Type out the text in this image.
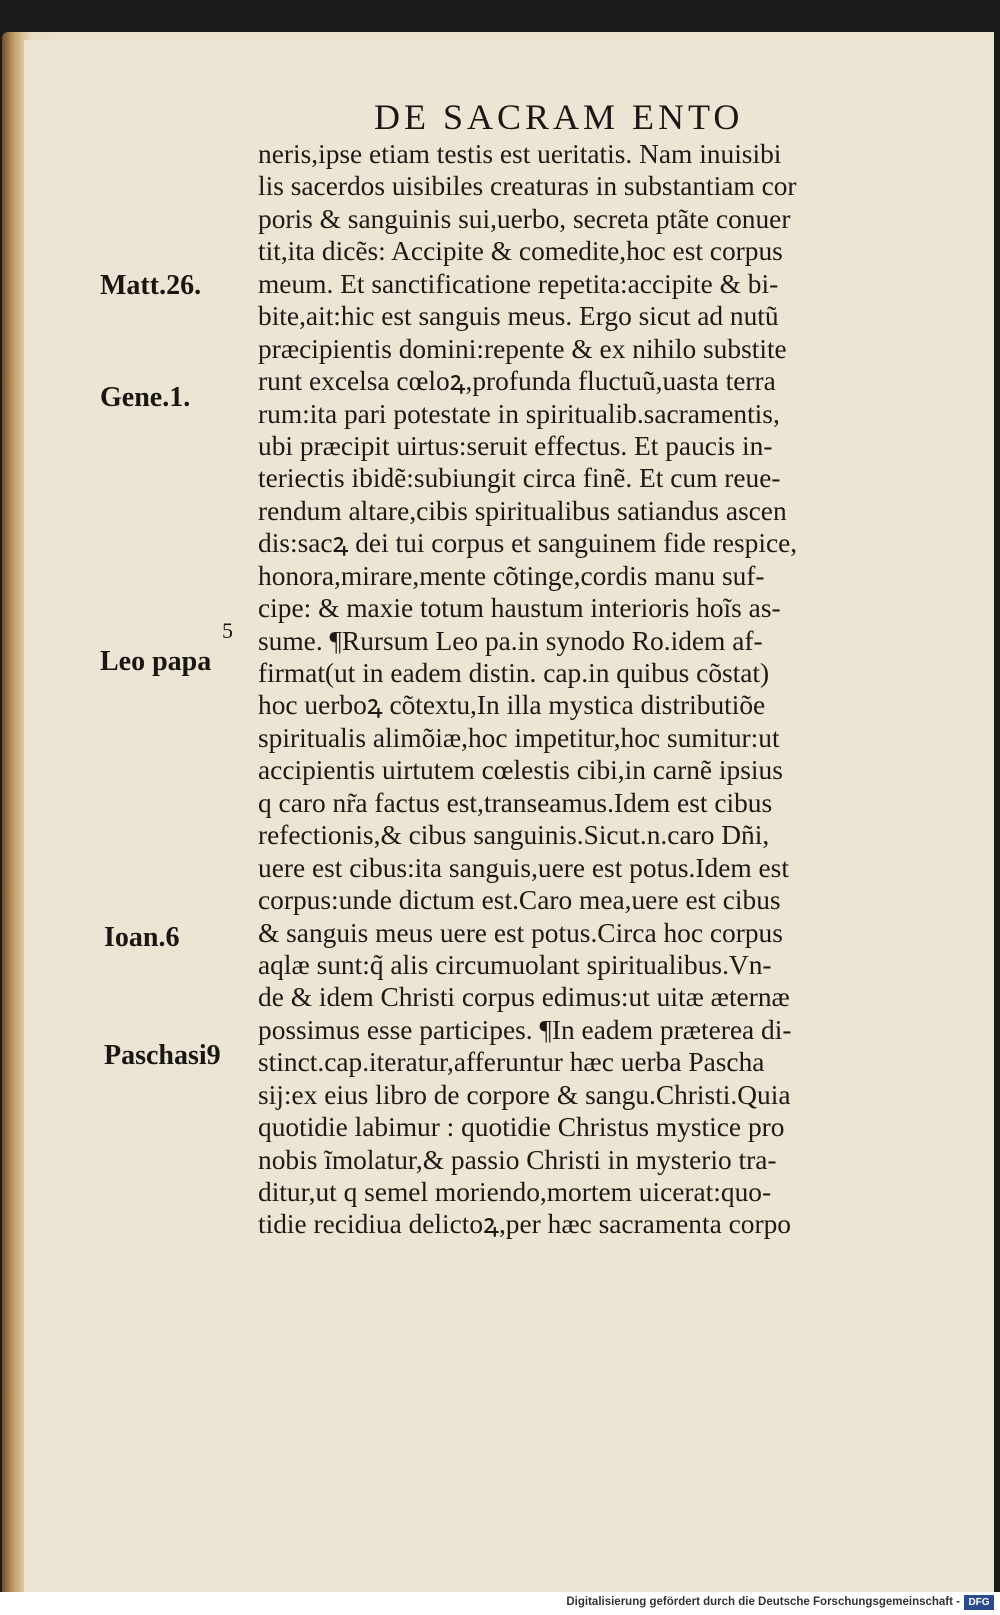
DE SACRAM ENTO
Matt.26.
Gene.1.
5
Leo papa
Ioan.6
Paschasi9
neris,ipse etiam testis est ueritatis. Nam inuisibi
lis sacerdos uisibiles creaturas in substantiam cor
poris & sanguinis sui,uerbo, secreta ptãte conuer
tit,ita dicẽs: Accipite & comedite,hoc est corpus
meum. Et sanctificatione repetita:accipite & bi-
bite,ait:hic est sanguis meus. Ergo sicut ad nutũ
præcipientis domini:repente & ex nihilo substite
runt excelsa cœloꝝ,profunda fluctuũ,uasta terra
rum:ita pari potestate in spiritualib.sacramentis,
ubi præcipit uirtus:seruit effectus. Et paucis in-
teriectis ibidẽ:subiungit circa finẽ. Et cum reue-
rendum altare,cibis spiritualibus satiandus ascen
dis:sacꝝ dei tui corpus et sanguinem fide respice,
honora,mirare,mente cõtinge,cordis manu suf-
cipe: & maxie totum haustum interioris hoĩs as-
sume. ¶Rursum Leo pa.in synodo Ro.idem af-
firmat(ut in eadem distin. cap.in quibus cõstat)
hoc uerboꝝ cõtextu,In illa mystica distributiõe
spiritualis alimõiæ,hoc impetitur,hoc sumitur:ut
accipientis uirtutem cœlestis cibi,in carnẽ ipsius
q caro nr̃a factus est,transeamus.Idem est cibus
refectionis,& cibus sanguinis.Sicut.n.caro Dñi,
uere est cibus:ita sanguis,uere est potus.Idem est
corpus:unde dictum est.Caro mea,uere est cibus
& sanguis meus uere est potus.Circa hoc corpus
aqlæ sunt:q̃ alis circumuolant spiritualibus.Vn-
de & idem Christi corpus edimus:ut uitæ æternæ
possimus esse participes. ¶In eadem præterea di-
stinct.cap.iteratur,afferuntur hæc uerba Pascha
sij:ex eius libro de corpore & sangu.Christi.Quia
quotidie labimur : quotidie Christus mystice pro
nobis ĩmolatur,& passio Christi in mysterio tra-
ditur,ut q semel moriendo,mortem uicerat:quo-
tidie recidiua delictoꝝ,per hæc sacramenta corpo
Digitalisierung gefördert durch die Deutsche Forschungsgemeinschaft - DFG
